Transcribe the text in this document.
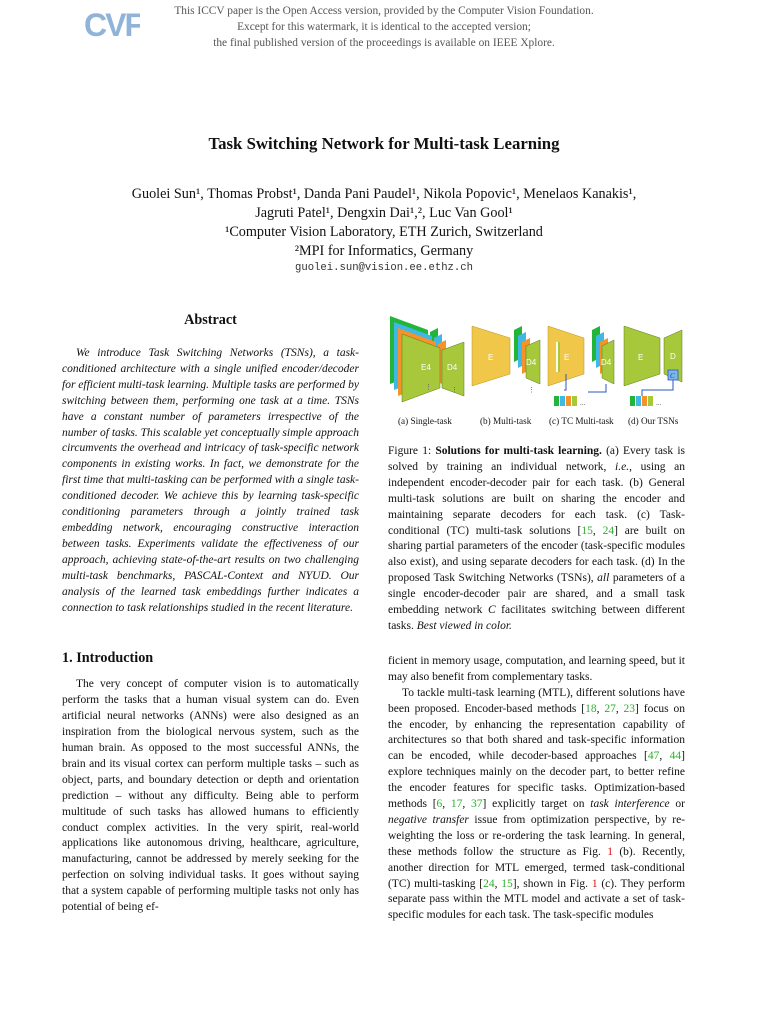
CVF	This ICCV paper is the Open Access version, provided by the Computer Vision Foundation.
Except for this watermark, it is identical to the accepted version;
the final published version of the proceedings is available on IEEE Xplore.
Task Switching Network for Multi-task Learning
Guolei Sun¹, Thomas Probst¹, Danda Pani Paudel¹, Nikola Popovic¹, Menelaos Kanakis¹,
Jagruti Patel¹, Dengxin Dai¹,², Luc Van Gool¹
¹Computer Vision Laboratory, ETH Zurich, Switzerland
²MPI for Informatics, Germany
guolei.sun@vision.ee.ethz.ch
Abstract

We introduce Task Switching Networks (TSNs), a task-conditioned architecture with a single unified encoder/decoder for efficient multi-task learning. Multiple tasks are performed by switching between them, performing one task at a time. TSNs have a constant number of parameters irrespective of the number of tasks. This scalable yet conceptually simple approach circumvents the overhead and intricacy of task-specific network components in existing works. In fact, we demonstrate for the first time that multi-tasking can be performed with a single task-conditioned decoder. We achieve this by learning task-specific conditioning parameters through a jointly trained task embedding network, encouraging constructive interaction between tasks. Experiments validate the effectiveness of our approach, achieving state-of-the-art results on two challenging multi-task benchmarks, PASCAL-Context and NYUD. Our analysis of the learned task embeddings further indicates a connection to task relationships studied in the recent literature.

1. Introduction

The very concept of computer vision is to automatically perform the tasks that a human visual system can do. Even artificial neural networks (ANNs) were also designed as an inspiration from the biological nervous system, such as the human brain. As opposed to the most successful ANNs, the brain and its visual cortex can perform multiple tasks – such as object, parts, and boundary detection or depth and orientation prediction – without any difficulty. Being able to perform multitude of such tasks has allowed humans to efficiently conduct complex activities. In the very spirit, real-world applications like autonomous driving, healthcare, agriculture, manufacturing, cannot be addressed by merely seeking for the perfection on solving individual tasks. It goes without saying that a system capable of performing multiple tasks not only has potential of being ef-

E4 D4
⋮	⋮
E
D4
⋮
E
D4
...
E	D
C
...
(a) Single-task	(b) Multi-task (c) TC Multi-task (d) Our TSNs

Figure 1: Solutions for multi-task learning. (a) Every task is solved by training an individual network, i.e., using an independent encoder-decoder pair for each task. (b) General multi-task solutions are built on sharing the encoder and maintaining separate decoders for each task. (c) Task-conditional (TC) multi-task solutions [15, 24] are built on sharing partial parameters of the encoder (task-specific modules also exist), and using separate decoders for each task. (d) In the proposed Task Switching Networks (TSNs), all parameters of a single encoder-decoder pair are shared, and a small task embedding network C facilitates switching between different tasks. Best viewed in color.

ficient in memory usage, computation, and learning speed, but it may also benefit from complementary tasks.

To tackle multi-task learning (MTL), different solutions have been proposed. Encoder-based methods [18, 27, 23] focus on the encoder, by enhancing the representation capability of architectures so that both shared and task-specific information can be encoded, while decoder-based approaches [47, 44] explore techniques mainly on the decoder part, to better refine the encoder features for specific tasks. Optimization-based methods [6, 17, 37] explicitly target on task interference or negative transfer issue from optimization perspective, by re-weighting the loss or re-ordering the task learning. In general, these methods follow the structure as Fig. 1 (b). Recently, another direction for MTL emerged, termed task-conditional (TC) multi-tasking [24, 15], shown in Fig. 1 (c). They perform separate pass within the MTL model and activate a set of task-specific modules for each task. The task-specific modules
